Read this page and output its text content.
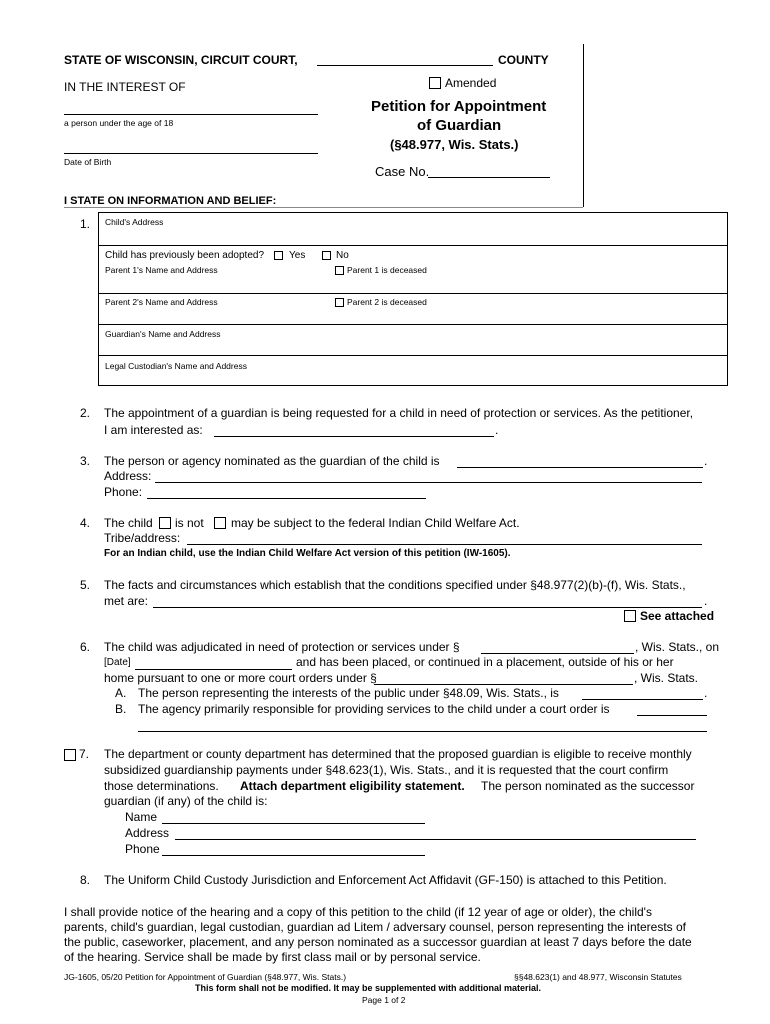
STATE OF WISCONSIN, CIRCUIT COURT,	COUNTY
IN THE INTEREST OF
a person under the age of 18
Date of Birth
Amended
Petition for Appointment
of Guardian
(§48.977, Wis. Stats.)
Case No.
I STATE ON INFORMATION AND BELIEF:
1. Child's Address
Child has previously been adopted?	Yes	No
Parent 1's Name and Address	Parent 1 is deceased
Parent 2's Name and Address	Parent 2 is deceased
Guardian's Name and Address
Legal Custodian's Name and Address
2. The appointment of a guardian is being requested for a child in need of protection or services. As the petitioner,
I am interested as:	.
3. The person or agency nominated as the guardian of the child is	.
Address:
Phone:
4. The child is not may be subject to the federal Indian Child Welfare Act.
Tribe/address:
For an Indian child, use the Indian Child Welfare Act version of this petition (IW-1605).
5. The facts and circumstances which establish that the conditions specified under §48.977(2)(b)-(f), Wis. Stats.,
met are:	.
See attached
6. The child was adjudicated in need of protection or services under §	, Wis. Stats., on
[Date]	and has been placed, or continued in a placement, outside of his or her
home pursuant to one or more court orders under §	, Wis. Stats.
A. The person representing the interests of the public under §48.09, Wis. Stats., is	.
B. The agency primarily responsible for providing services to the child under a court order is
7. The department or county department has determined that the proposed guardian is eligible to receive monthly
subsidized guardianship payments under §48.623(1), Wis. Stats., and it is requested that the court confirm
those determinations. Attach department eligibility statement. The person nominated as the successor
guardian (if any) of the child is:
Name
Address
Phone
8. The Uniform Child Custody Jurisdiction and Enforcement Act Affidavit (GF-150) is attached to this Petition.
I shall provide notice of the hearing and a copy of this petition to the child (if 12 year of age or older), the child's
parents, child's guardian, legal custodian, guardian ad Litem / adversary counsel, person representing the interests of
the public, caseworker, placement, and any person nominated as a successor guardian at least 7 days before the date
of the hearing. Service shall be made by first class mail or by personal service.
JG-1605, 05/20 Petition for Appointment of Guardian (§48.977, Wis. Stats.)	§§48.623(1) and 48.977, Wisconsin Statutes
This form shall not be modified. It may be supplemented with additional material.
Page 1 of 2
